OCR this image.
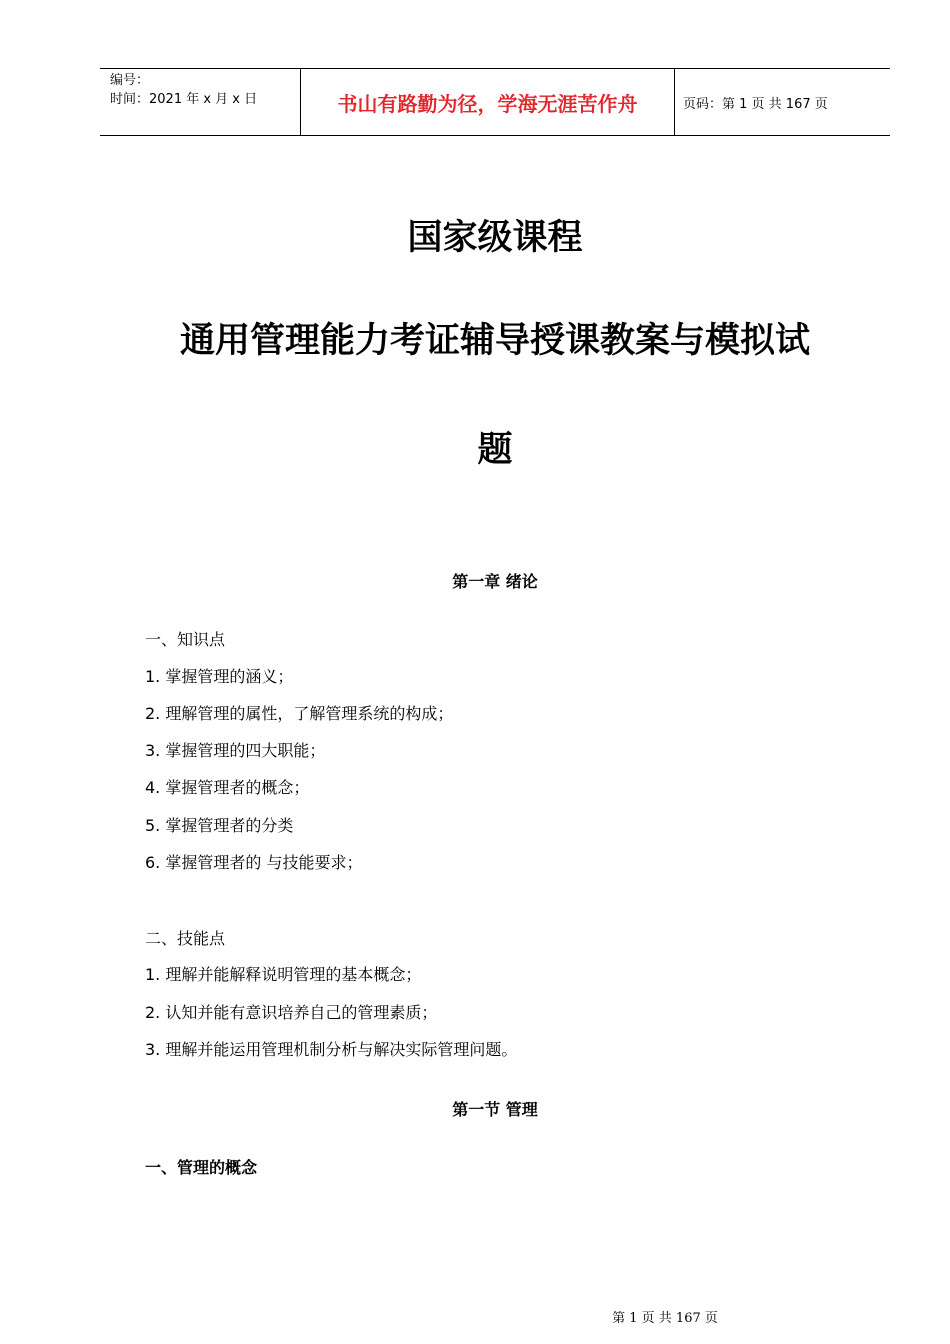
编号：
时间：2021 年 x 月 x 日	书山有路勤为径，学海无涯苦作舟	页码：第 1 页 共 167 页
国家级课程
通用管理能力考证辅导授课教案与模拟试
题
第一章 绪论
一、知识点
1. 掌握管理的涵义；
2. 理解管理的属性，了解管理系统的构成；
3. 掌握管理的四大职能；
4. 掌握管理者的概念；
5. 掌握管理者的分类
6. 掌握管理者的 与技能要求；
二、技能点
1. 理解并能解释说明管理的基本概念；
2. 认知并能有意识培养自己的管理素质；
3. 理解并能运用管理机制分析与解决实际管理问题。
第一节 管理
一、管理的概念
第 1 页 共 167 页
